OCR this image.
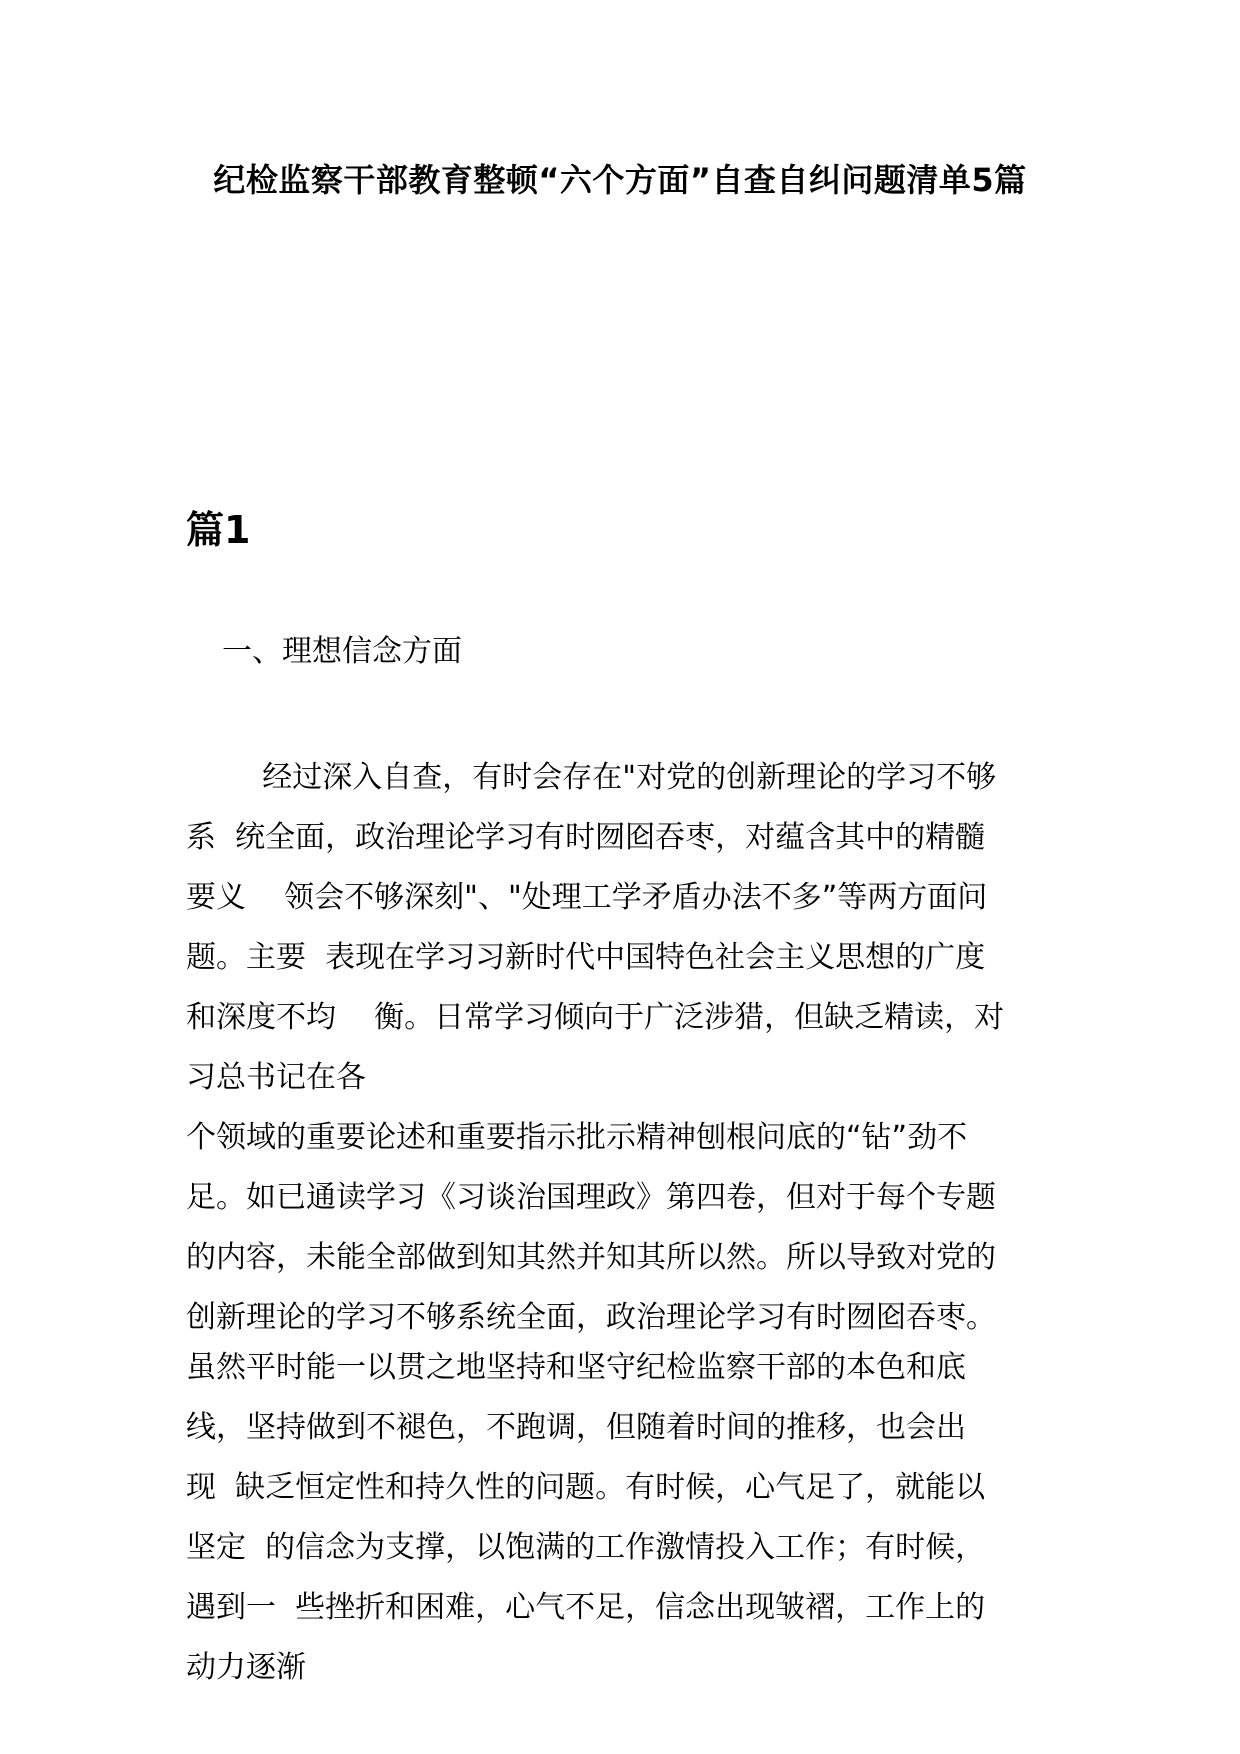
纪检监察干部教育整顿“六个方面”自查自纠问题清单5篇
篇1
一、理想信念方面
经过深入自查，有时会存在"对党的创新理论的学习不够
系  统全面，政治理论学习有时囫囵吞枣，对蕴含其中的精髓
要义    领会不够深刻"、"处理工学矛盾办法不多”等两方面问
题。主要  表现在学习习新时代中国特色社会主义思想的广度
和深度不均    衡。日常学习倾向于广泛涉猎，但缺乏精读，对
习总书记在各
个领域的重要论述和重要指示批示精神刨根问底的“钻”劲不
足。如已通读学习《习谈治国理政》第四卷，但对于每个专题
的内容，未能全部做到知其然并知其所以然。所以导致对党的
创新理论的学习不够系统全面，政治理论学习有时囫囵吞枣。
虽然平时能一以贯之地坚持和坚守纪检监察干部的本色和底
线，坚持做到不褪色，不跑调，但随着时间的推移，也会出
现  缺乏恒定性和持久性的问题。有时候，心气足了，就能以
坚定  的信念为支撑，以饱满的工作激情投入工作；有时候，
遇到一  些挫折和困难，心气不足，信念出现皱褶，工作上的
动力逐渐
